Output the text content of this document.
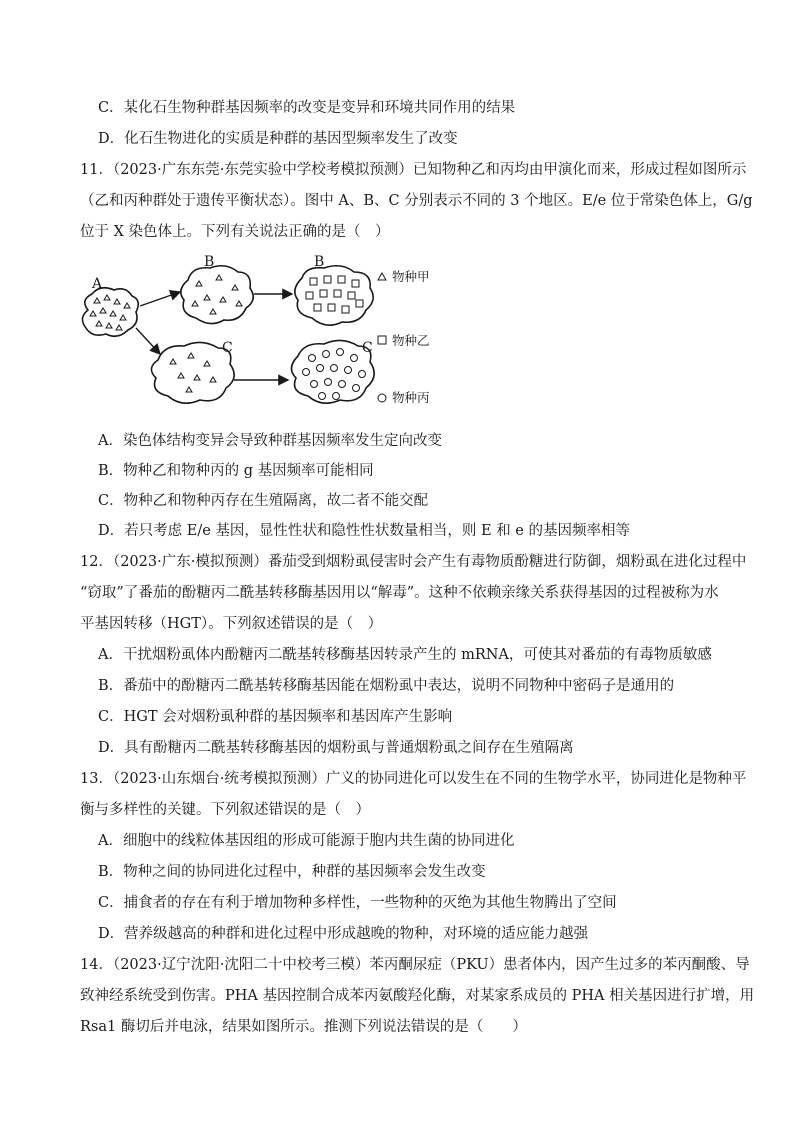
C．某化石生物种群基因频率的改变是变异和环境共同作用的结果
D．化石生物进化的实质是种群的基因型频率发生了改变
11．（2023·广东东莞·东莞实验中学校考模拟预测）已知物种乙和丙均由甲演化而来，形成过程如图所示
（乙和丙种群处于遗传平衡状态）。图中 A、B、C 分别表示不同的 3 个地区。E/e 位于常染色体上，G/g
位于 X 染色体上。下列有关说法正确的是（　）
A
B	B
C	C
物种甲
物种乙
物种丙
A．染色体结构变异会导致种群基因频率发生定向改变
B．物种乙和物种丙的 g 基因频率可能相同
C．物种乙和物种丙存在生殖隔离，故二者不能交配
D．若只考虑 E/e 基因，显性性状和隐性性状数量相当，则 E 和 e 的基因频率相等
12．（2023·广东·模拟预测）番茄受到烟粉虱侵害时会产生有毒物质酚糖进行防御，烟粉虱在进化过程中
“窃取”了番茄的酚糖丙二酰基转移酶基因用以“解毒”。这种不依赖亲缘关系获得基因的过程被称为水
平基因转移（HGT）。下列叙述错误的是（　）
A．干扰烟粉虱体内酚糖丙二酰基转移酶基因转录产生的 mRNA，可使其对番茄的有毒物质敏感
B．番茄中的酚糖丙二酰基转移酶基因能在烟粉虱中表达，说明不同物种中密码子是通用的
C．HGT 会对烟粉虱种群的基因频率和基因库产生影响
D．具有酚糖丙二酰基转移酶基因的烟粉虱与普通烟粉虱之间存在生殖隔离
13．（2023·山东烟台·统考模拟预测）广义的协同进化可以发生在不同的生物学水平，协同进化是物种平
衡与多样性的关键。下列叙述错误的是（　）
A．细胞中的线粒体基因组的形成可能源于胞内共生菌的协同进化
B．物种之间的协同进化过程中，种群的基因频率会发生改变
C．捕食者的存在有利于增加物种多样性，一些物种的灭绝为其他生物腾出了空间
D．营养级越高的种群和进化过程中形成越晚的物种，对环境的适应能力越强
14．（2023·辽宁沈阳·沈阳二十中校考三模）苯丙酮尿症（PKU）患者体内，因产生过多的苯丙酮酸、导
致神经系统受到伤害。PHA 基因控制合成苯丙氨酸羟化酶，对某家系成员的 PHA 相关基因进行扩增，用
Rsa1 酶切后并电泳，结果如图所示。推测下列说法错误的是（　　）
